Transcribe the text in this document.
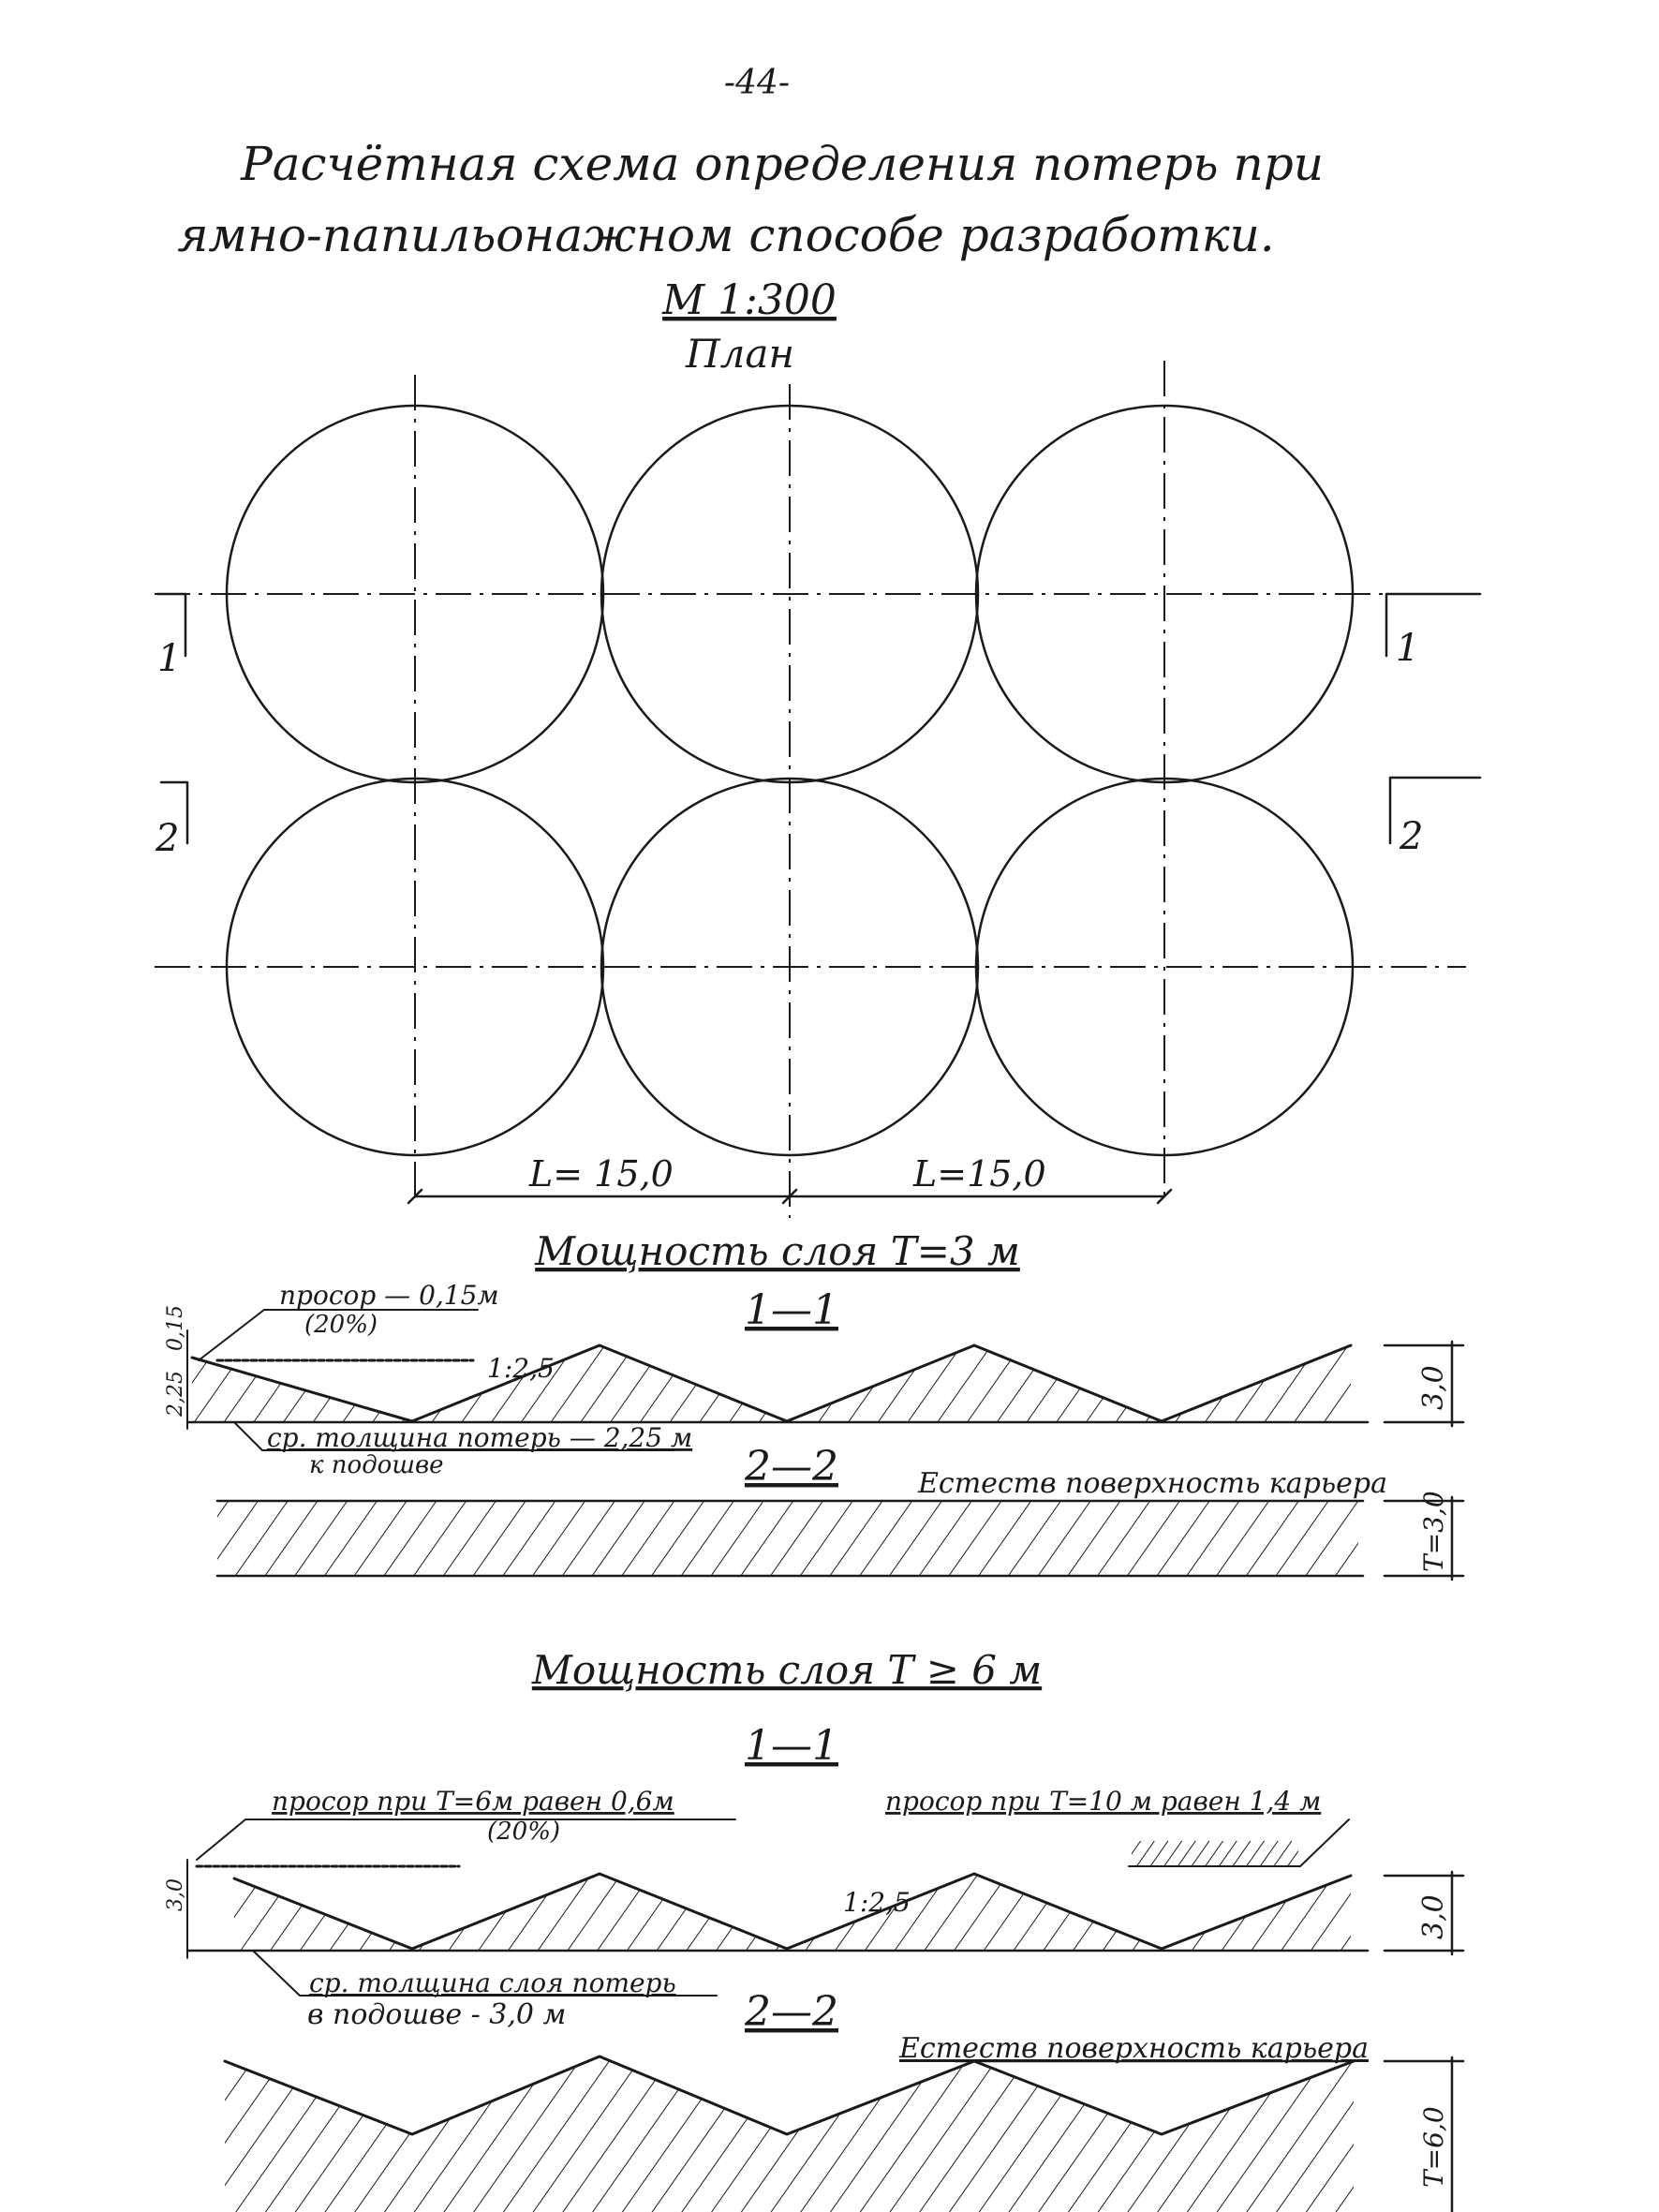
-44-
Расчётная схема определения потерь при
ямно-папильонажном способе разработки.
М 1:300
План
1
2
1
2
L= 15,0	L=15,0
Мощность слоя Т=3 м
1—1
просор — 0,15м
(20%)
1:2,5
0,15
2,25	3,0
ср. толщина потерь — 2,25 м
к подошве	2—2	Естеств поверхность карьера
Т=3,0
Мощность слоя Т ≥ 6 м
1—1
просор при Т=6м равен 0,6м
(20%)
просор при Т=10 м равен 1,4 м
1:2,5
3,0	3,0
ср. толщина слоя потерь
в подошве - 3,0 м	2—2
Естеств поверхность карьера
Т=6,0
